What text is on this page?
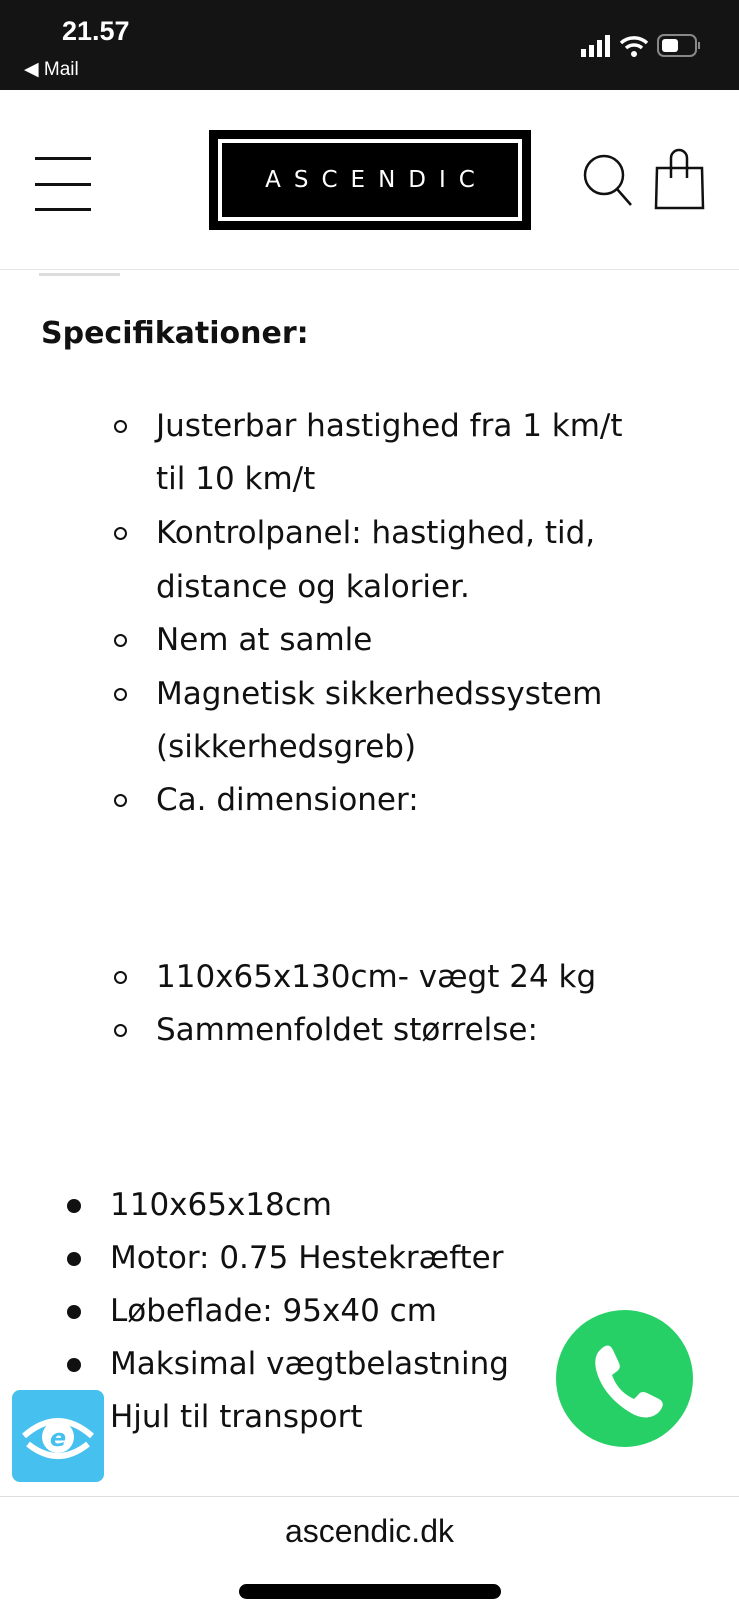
21.57
◀ Mail
ASCENDIC
Specifikationer:
Justerbar hastighed fra 1 km/t
til 10 km/t
Kontrolpanel: hastighed, tid,
distance og kalorier.
Nem at samle
Magnetisk sikkerhedssystem
(sikkerhedsgreb)
Ca. dimensioner:
110x65x130cm- vægt 24 kg
Sammenfoldet størrelse:
110x65x18cm
Motor: 0.75 Hestekræfter
Løbeflade: 95x40 cm
Maksimal vægtbelastning
Hjul til transport
e
ascendic.dk
